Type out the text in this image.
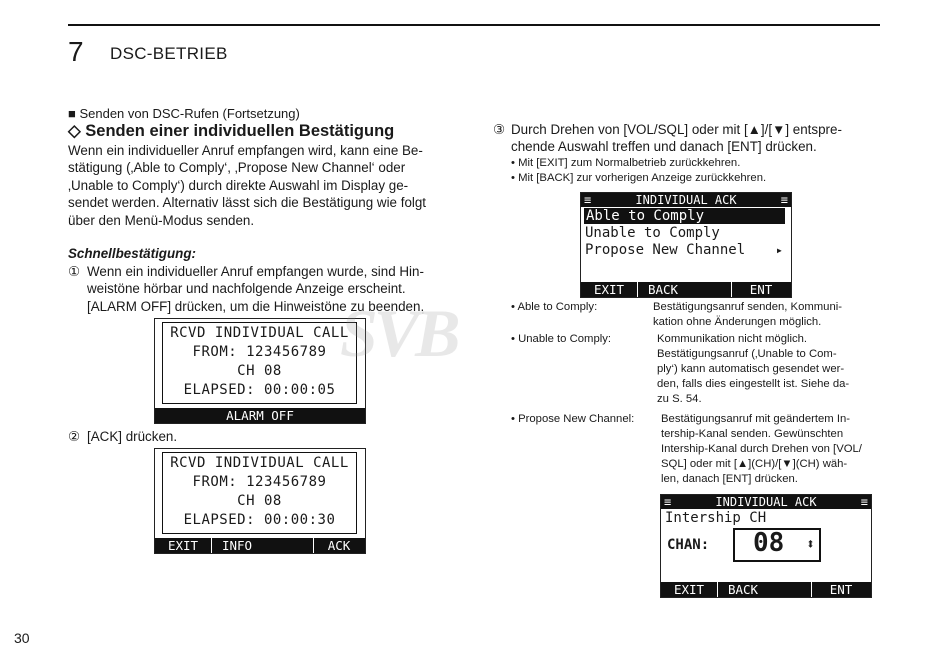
7 DSC-BETRIEB
■ Senden von DSC-Rufen (Fortsetzung)
◇ Senden einer individuellen Bestätigung
Wenn ein individueller Anruf empfangen wird, kann eine Be-
stätigung (‚Able to Comply‘, ‚Propose New Channel‘ oder
‚Unable to Comply‘) durch direkte Auswahl im Display ge-
sendet werden. Alternativ lässt sich die Bestätigung wie folgt
über den Menü-Modus senden.
Schnellbestätigung:
① Wenn ein individueller Anruf empfangen wurde, sind Hin-
weistöne hörbar und nachfolgende Anzeige erscheint.
[ALARM OFF] drücken, um die Hinweistöne zu beenden.
RCVD INDIVIDUAL CALL
FROM: 123456789
CH 08
ELAPSED: 00:00:05
ALARM OFF
② [ACK] drücken.
RCVD INDIVIDUAL CALL
FROM: 123456789
CH 08
ELAPSED: 00:00:30
EXIT	INFO	ACK
③ Durch Drehen von [VOL/SQL] oder mit [▲]/[▼] entspre-
chende Auswahl treffen und danach [ENT] drücken.
• Mit [EXIT] zum Normalbetrieb zurückkehren.
• Mit [BACK] zur vorherigen Anzeige zurückkehren.
≡	INDIVIDUAL ACK	≡
Able to Comply
Unable to Comply
Propose New Channel	▸
EXIT	BACK	ENT
• Able to Comply:	Bestätigungsanruf senden, Kommuni-
kation ohne Änderungen möglich.
• Unable to Comply:	Kommunikation nicht möglich.
Bestätigungsanruf (‚Unable to Com-
ply‘) kann automatisch gesendet wer-
den, falls dies eingestellt ist. Siehe da-
zu S. 54.
• Propose New Channel: Bestätigungsanruf mit geändertem In-
tership-Kanal senden. Gewünschten
Intership-Kanal durch Drehen von [VOL/
SQL] oder mit [▲](CH)/[▼](CH) wäh-
len, danach [ENT] drücken.
≡	INDIVIDUAL ACK	≡
Intership CH
CHAN: 08 ⬍
EXIT	BACK	ENT
SVB
30
